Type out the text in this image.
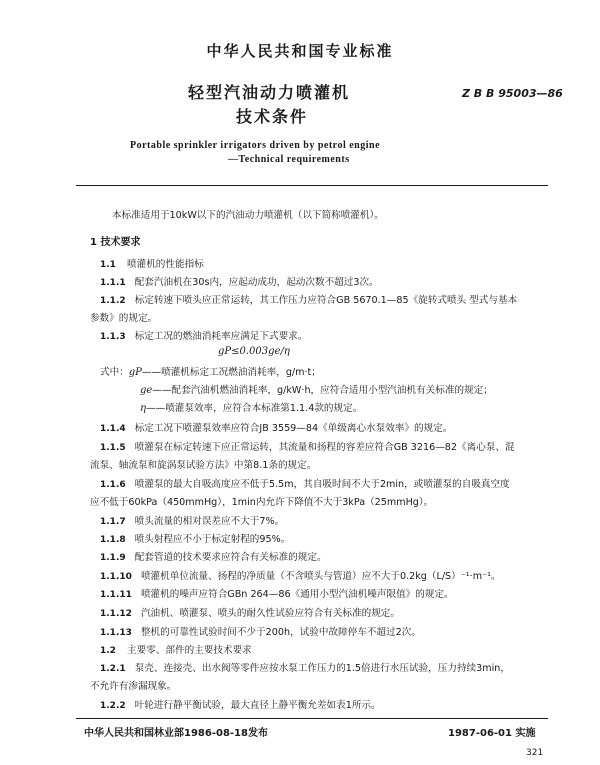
中华人民共和国专业标准
轻型汽油动力喷灌机
技术条件
Z B B 95003—86
Portable sprinkler irrigators driven by petrol engine
—Technical requirements
本标准适用于10kW以下的汽油动力喷灌机（以下简称喷灌机）。
1 技术要求
1.1 喷灌机的性能指标
1.1.1 配套汽油机在30s内，应起动成功，起动次数不超过3次。
1.1.2 标定转速下喷头应正常运转，其工作压力应符合GB 5670.1—85《旋转式喷头 型式与基本
参数》的规定。
1.1.3 标定工况的燃油消耗率应满足下式要求。
gP≤0.003ge/η
式中：gP——喷灌机标定工况燃油消耗率，g/m·t；
ge——配套汽油机燃油消耗率，g/kW·h，应符合适用小型汽油机有关标准的规定；
η——喷灌泵效率，应符合本标准第1.1.4款的规定。
1.1.4 标定工况下喷灌泵效率应符合JB 3559—84《单级离心水泵效率》的规定。
1.1.5 喷灌泵在标定转速下应正常运转，其流量和扬程的容差应符合GB 3216—82《离心泵、混
流泵、轴流泵和旋涡泵试验方法》中第8.1条的规定。
1.1.6 喷灌泵的最大自吸高度应不低于5.5m，其自吸时间不大于2min，或喷灌泵的自吸真空度
应不低于60kPa（450mmHg），1min内允许下降值不大于3kPa（25mmHg）。
1.1.7 喷头流量的相对误差应不大于7%。
1.1.8 喷头射程应不小于标定射程的95%。
1.1.9 配套管道的技术要求应符合有关标准的规定。
1.1.10 喷灌机单位流量、扬程的净质量（不含喷头与管道）应不大于0.2kg（L/S）⁻¹·m⁻¹。
1.1.11 喷灌机的噪声应符合GBn 264—86《通用小型汽油机噪声限值》的规定。
1.1.12 汽油机、喷灌泵、喷头的耐久性试验应符合有关标准的规定。
1.1.13 整机的可靠性试验时间不少于200h，试验中故障停车不超过2次。
1.2 主要零、部件的主要技术要求
1.2.1 泵壳、连接壳、出水阀等零件应按水泵工作压力的1.5倍进行水压试验，压力持续3min，
不允许有渗漏现象。
1.2.2 叶轮进行静平衡试验，最大直径上静平衡允差如表1所示。
中华人民共和国林业部1986-08-18发布	1987-06-01 实施
321
